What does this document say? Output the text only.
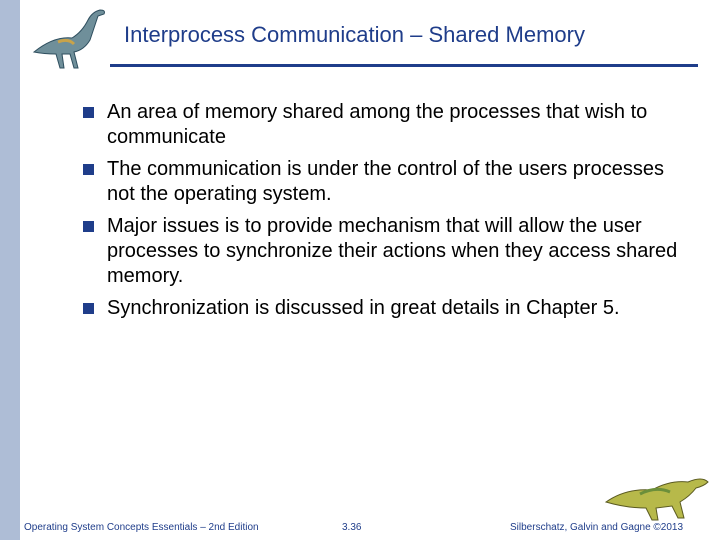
Interprocess Communication – Shared Memory
An area of memory shared among the processes that wish to communicate
The communication is under the control of the users processes not the operating system.
Major issues is to provide mechanism that will allow the user processes to synchronize their actions when they access shared memory.
Synchronization is discussed in great details in Chapter 5.
Operating System Concepts Essentials – 2nd Edition	3.36	Silberschatz, Galvin and Gagne ©2013
